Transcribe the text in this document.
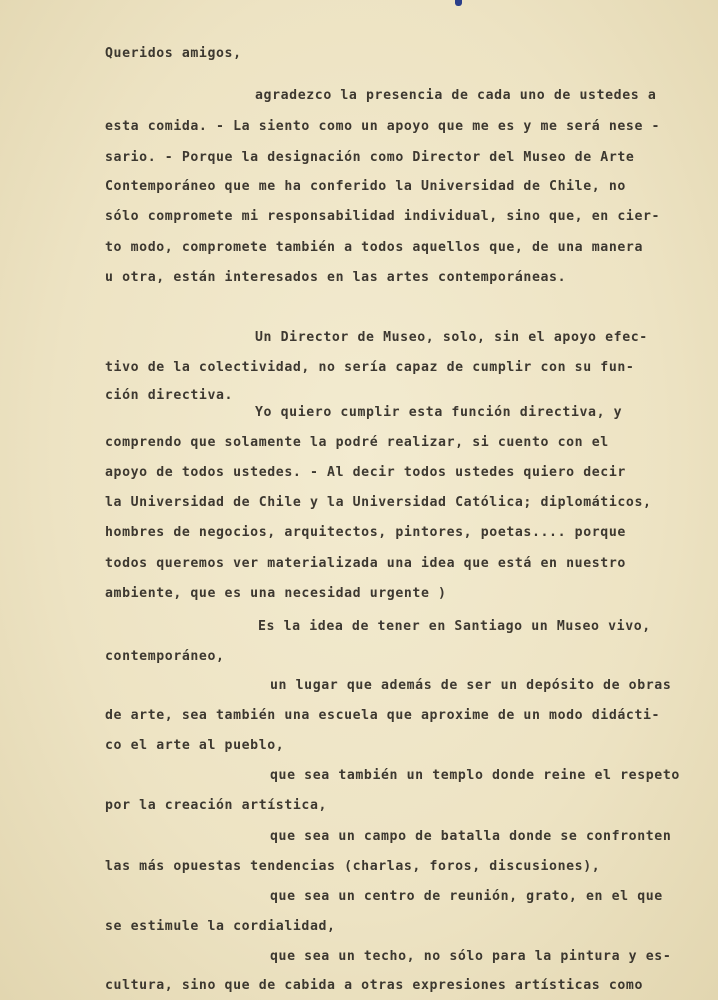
Queridos amigos,
agradezco la presencia de cada uno de ustedes a
esta comida. - La siento como un apoyo que me es y me será nese -
sario. - Porque la designación como Director del Museo de Arte
Contemporáneo que me ha conferido la Universidad de Chile, no
sólo compromete mi responsabilidad individual, sino que, en cier-
to modo, compromete también a todos aquellos que, de una manera
u otra, están interesados en las artes contemporáneas.
Un Director de Museo, solo, sin el apoyo efec-
tivo de la colectividad, no sería capaz de cumplir con su fun-
ción directiva.
Yo quiero cumplir esta función directiva, y
comprendo que solamente la podré realizar, si cuento con el
apoyo de todos ustedes. - Al decir todos ustedes quiero decir
la Universidad de Chile y la Universidad Católica; diplomáticos,
hombres de negocios, arquitectos, pintores, poetas.... porque
todos queremos ver materializada una idea que está en nuestro
ambiente, que es una necesidad urgente )
Es la idea de tener en Santiago un Museo vivo,
contemporáneo,
un lugar que además de ser un depósito de obras
de arte, sea también una escuela que aproxime de un modo didácti-
co el arte al pueblo,
que sea también un templo donde reine el respeto
por la creación artística,
que sea un campo de batalla donde se confronten
las más opuestas tendencias (charlas, foros, discusiones),
que sea un centro de reunión, grato, en el que
se estimule la cordialidad,
que sea un techo, no sólo para la pintura y es-
cultura, sino que de cabida a otras expresiones artísticas como
